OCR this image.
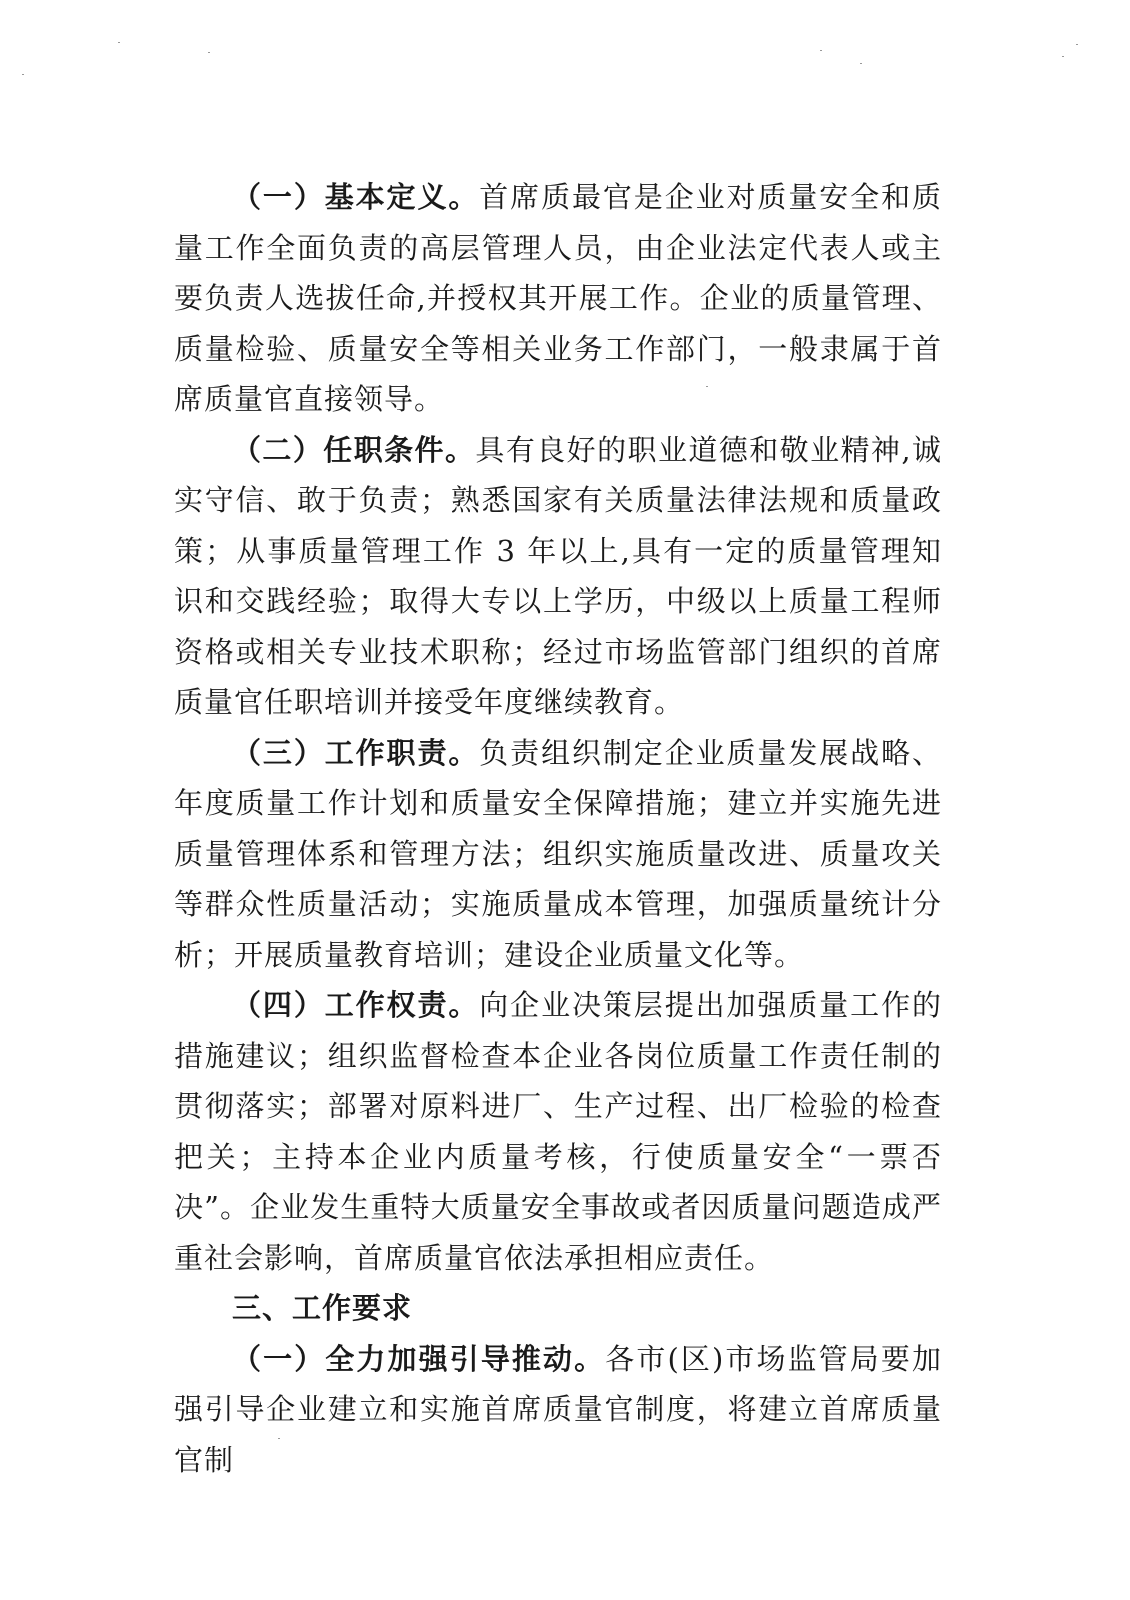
（一）基本定义。首席质最官是企业对质量安全和质量工作全面负责的高层管理人员，由企业法定代表人或主要负责人选拔任命,并授权其开展工作。企业的质量管理、质量检验、质量安全等相关业务工作部门，一般隶属于首席质量官直接领导。

（二）任职条件。具有良好的职业道德和敬业精神,诚实守信、敢于负责；熟悉国家有关质量法律法规和质量政策；从事质量管理工作 3 年以上,具有一定的质量管理知识和交践经验；取得大专以上学历，中级以上质量工程师资格或相关专业技术职称；经过市场监管部门组织的首席质量官任职培训并接受年度继续教育。

（三）工作职责。负责组织制定企业质量发展战略、年度质量工作计划和质量安全保障措施；建立并实施先进质量管理体系和管理方法；组织实施质量改进、质量攻关等群众性质量活动；实施质量成本管理，加强质量统计分析；开展质量教育培训；建设企业质量文化等。

（四）工作权责。向企业决策层提出加强质量工作的措施建议；组织监督检查本企业各岗位质量工作责任制的贯彻落实；部署对原料进厂、生产过程、出厂检验的检查把关；主持本企业内质量考核，行使质量安全“一票否决”。企业发生重特大质量安全事故或者因质量问题造成严重社会影响，首席质量官依法承担相应责任。

三、工作要求

（一）全力加强引导推动。各市(区)市场监管局要加强引导企业建立和实施首席质量官制度，将建立首席质量官制
